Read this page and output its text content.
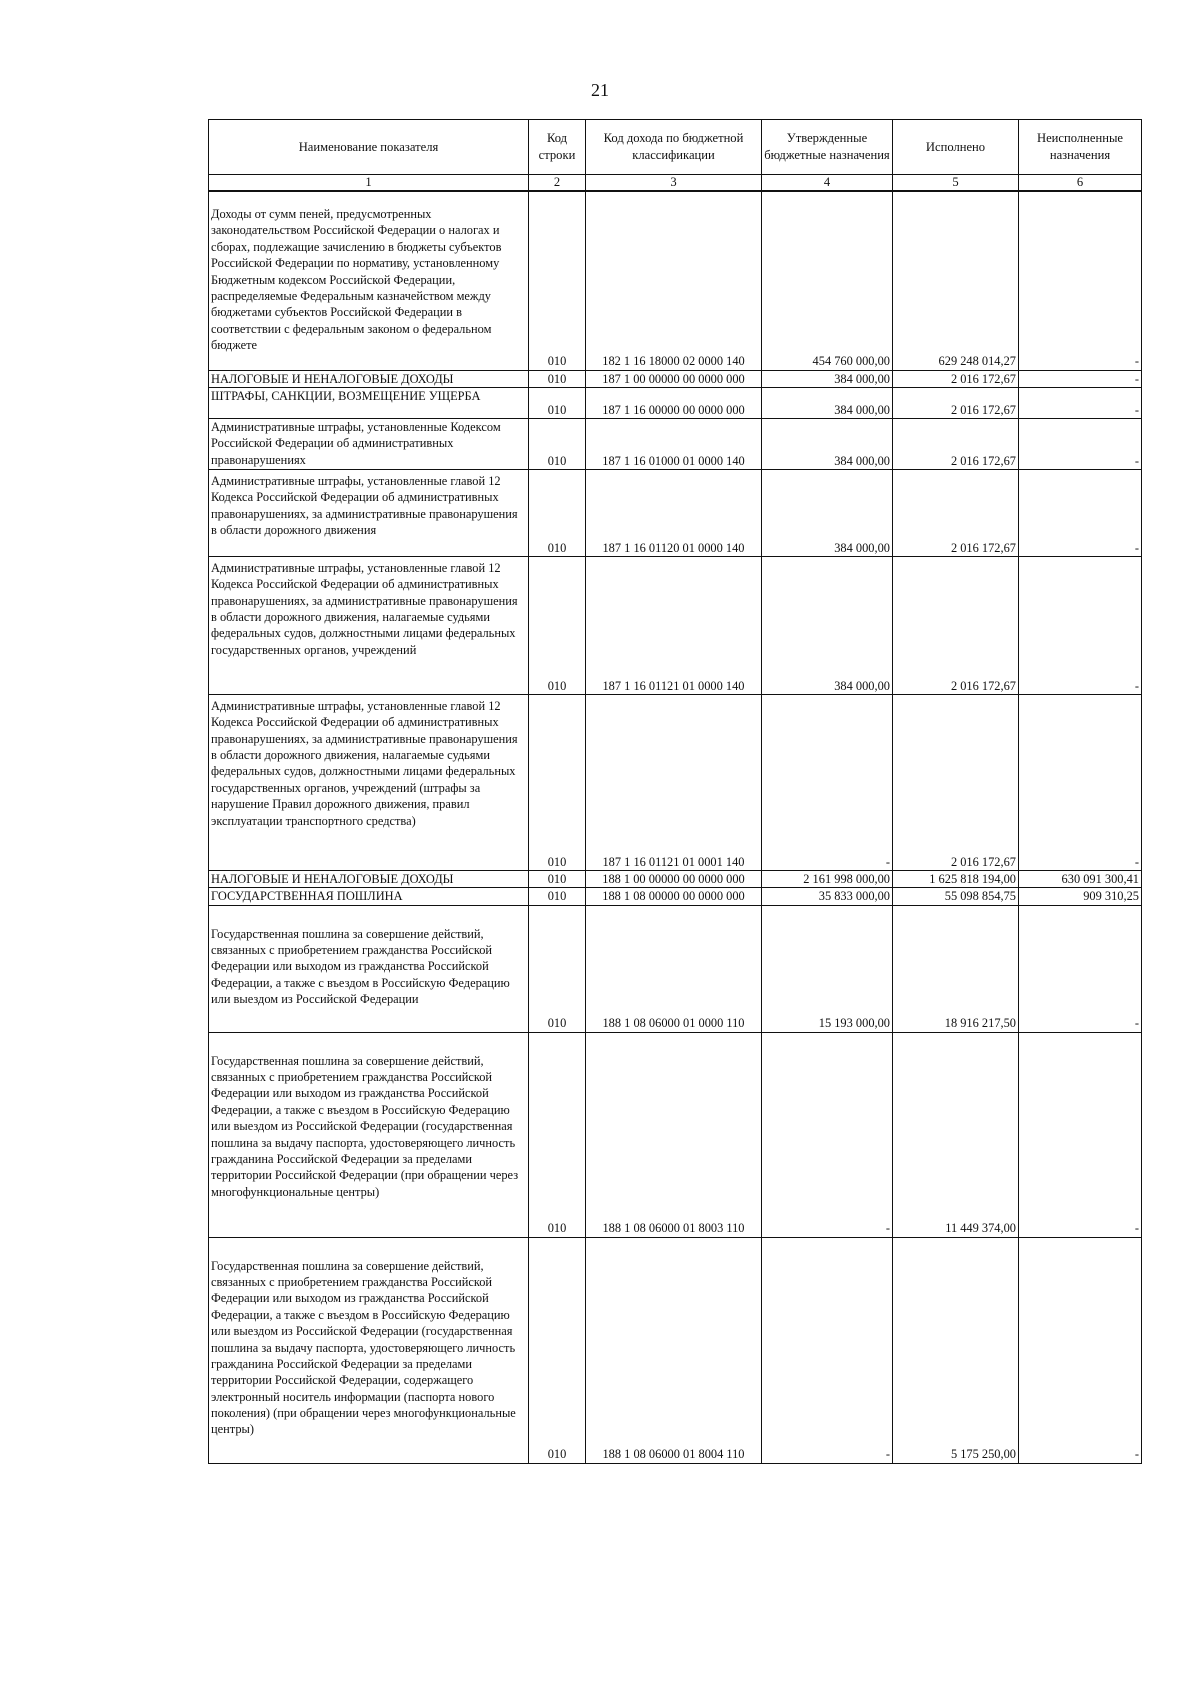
21
Наименование показателя	Код строки	Код дохода по бюджетной классификации	Утвержденные бюджетные назначения	Исполнено	Неисполненные назначения
1	2	3	4	5	6
Доходы от сумм пеней, предусмотренных законодательством Российской Федерации о налогах и сборах, подлежащие зачислению в бюджеты субъектов Российской Федерации по нормативу, установленному Бюджетным кодексом Российской Федерации, распределяемые Федеральным казначейством между бюджетами субъектов Российской Федерации в соответствии с федеральным законом о федеральном бюджете	010	182 1 16 18000 02 0000 140	454 760 000,00	629 248 014,27	-
НАЛОГОВЫЕ И НЕНАЛОГОВЫЕ ДОХОДЫ	010	187 1 00 00000 00 0000 000	384 000,00	2 016 172,67	-
ШТРАФЫ, САНКЦИИ, ВОЗМЕЩЕНИЕ УЩЕРБА	010	187 1 16 00000 00 0000 000	384 000,00	2 016 172,67	-
Административные штрафы, установленные Кодексом Российской Федерации об административных правонарушениях	010	187 1 16 01000 01 0000 140	384 000,00	2 016 172,67	-
Административные штрафы, установленные главой 12 Кодекса Российской Федерации об административных правонарушениях, за административные правонарушения в области дорожного движения	010	187 1 16 01120 01 0000 140	384 000,00	2 016 172,67	-
Административные штрафы, установленные главой 12 Кодекса Российской Федерации об административных правонарушениях, за административные правонарушения в области дорожного движения, налагаемые судьями федеральных судов, должностными лицами федеральных государственных органов, учреждений	010	187 1 16 01121 01 0000 140	384 000,00	2 016 172,67	-
Административные штрафы, установленные главой 12 Кодекса Российской Федерации об административных правонарушениях, за административные правонарушения в области дорожного движения, налагаемые судьями федеральных судов, должностными лицами федеральных государственных органов, учреждений (штрафы за нарушение Правил дорожного движения, правил эксплуатации транспортного средства)	010	187 1 16 01121 01 0001 140	-	2 016 172,67	-
НАЛОГОВЫЕ И НЕНАЛОГОВЫЕ ДОХОДЫ	010	188 1 00 00000 00 0000 000	2 161 998 000,00	1 625 818 194,00	630 091 300,41
ГОСУДАРСТВЕННАЯ ПОШЛИНА	010	188 1 08 00000 00 0000 000	35 833 000,00	55 098 854,75	909 310,25
Государственная пошлина за совершение действий, связанных с приобретением гражданства Российской Федерации или выходом из гражданства Российской Федерации, а также с въездом в Российскую Федерацию или выездом из Российской Федерации	010	188 1 08 06000 01 0000 110	15 193 000,00	18 916 217,50	-
Государственная пошлина за совершение действий, связанных с приобретением гражданства Российской Федерации или выходом из гражданства Российской Федерации, а также с въездом в Российскую Федерацию или выездом из Российской Федерации (государственная пошлина за выдачу паспорта, удостоверяющего личность гражданина Российской Федерации за пределами территории Российской Федерации (при обращении через многофункциональные центры)	010	188 1 08 06000 01 8003 110	-	11 449 374,00	-
Государственная пошлина за совершение действий, связанных с приобретением гражданства Российской Федерации или выходом из гражданства Российской Федерации, а также с въездом в Российскую Федерацию или выездом из Российской Федерации (государственная пошлина за выдачу паспорта, удостоверяющего личность гражданина Российской Федерации за пределами территории Российской Федерации, содержащего электронный носитель информации (паспорта нового поколения) (при обращении через многофункциональные центры)	010	188 1 08 06000 01 8004 110	-	5 175 250,00	-
